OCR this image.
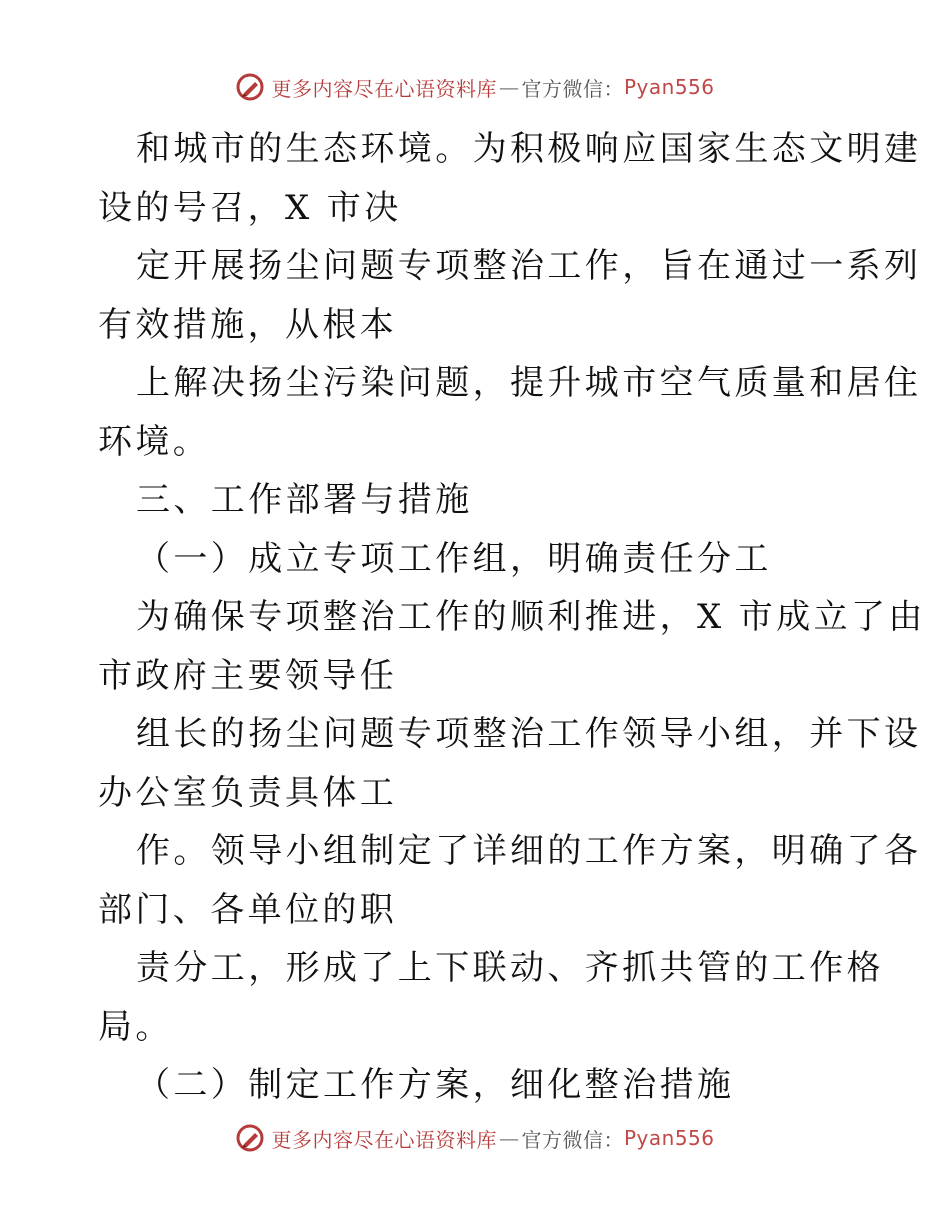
更多内容尽在心语资料库 — 官方微信： Pyan556
和城市的生态环境。为积极响应国家生态文明建
设的号召，X 市决
定开展扬尘问题专项整治工作，旨在通过一系列
有效措施，从根本
上解决扬尘污染问题，提升城市空气质量和居住
环境。
三、工作部署与措施
（一）成立专项工作组，明确责任分工
为确保专项整治工作的顺利推进，X 市成立了由
市政府主要领导任
组长的扬尘问题专项整治工作领导小组，并下设
办公室负责具体工
作。领导小组制定了详细的工作方案，明确了各
部门、各单位的职
责分工，形成了上下联动、齐抓共管的工作格
局。
（二）制定工作方案，细化整治措施
更多内容尽在心语资料库 — 官方微信： Pyan556
